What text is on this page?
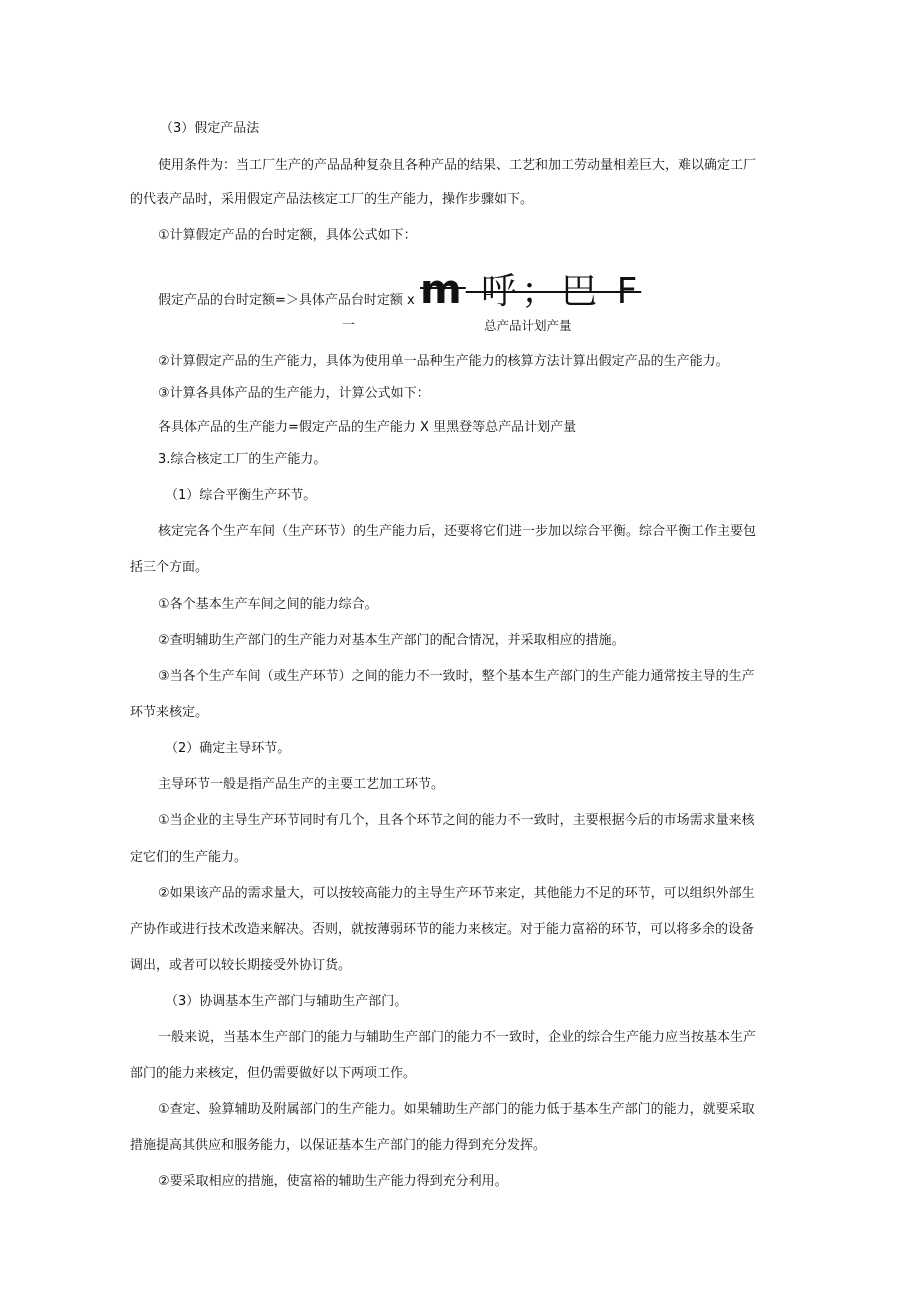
（3）假定产品法
使用条件为：当工厂生产的产品品种复杂且各种产品的结果、工艺和加工劳动量相差巨大，难以确定工厂
的代表产品时，采用假定产品法核定工厂的生产能力，操作步骤如下。
①计算假定产品的台时定额，具体公式如下：
假定产品的台时定额=＞具体产品台时定额 x m 呼；巴 F
一	总产品计划产量
②计算假定产品的生产能力，具体为使用单一品种生产能力的核算方法计算出假定产品的生产能力。
③计算各具体产品的生产能力，计算公式如下：
各具体产品的生产能力=假定产品的生产能力 X 里黑登等总产品计划产量
3.综合核定工厂的生产能力。
（1）综合平衡生产环节。
核定完各个生产车间（生产环节）的生产能力后，还要将它们进一步加以综合平衡。综合平衡工作主要包
括三个方面。
①各个基本生产车间之间的能力综合。
②查明辅助生产部门的生产能力对基本生产部门的配合情况，并采取相应的措施。
③当各个生产车间（或生产环节）之间的能力不一致时，整个基本生产部门的生产能力通常按主导的生产
环节来核定。
（2）确定主导环节。
主导环节一般是指产品生产的主要工艺加工环节。
①当企业的主导生产环节同时有几个，且各个环节之间的能力不一致时，主要根据今后的市场需求量来核
定它们的生产能力。
②如果该产品的需求量大，可以按较高能力的主导生产环节来定，其他能力不足的环节，可以组织外部生
产协作或进行技术改造来解决。否则，就按薄弱环节的能力来核定。对于能力富裕的环节，可以将多余的设备
调出，或者可以较长期接受外协订货。
（3）协调基本生产部门与辅助生产部门。
一般来说，当基本生产部门的能力与辅助生产部门的能力不一致时，企业的综合生产能力应当按基本生产
部门的能力来核定，但仍需要做好以下两项工作。
①查定、验算辅助及附属部门的生产能力。如果辅助生产部门的能力低于基本生产部门的能力，就要采取
措施提高其供应和服务能力，以保证基本生产部门的能力得到充分发挥。
②要采取相应的措施，使富裕的辅助生产能力得到充分利用。
